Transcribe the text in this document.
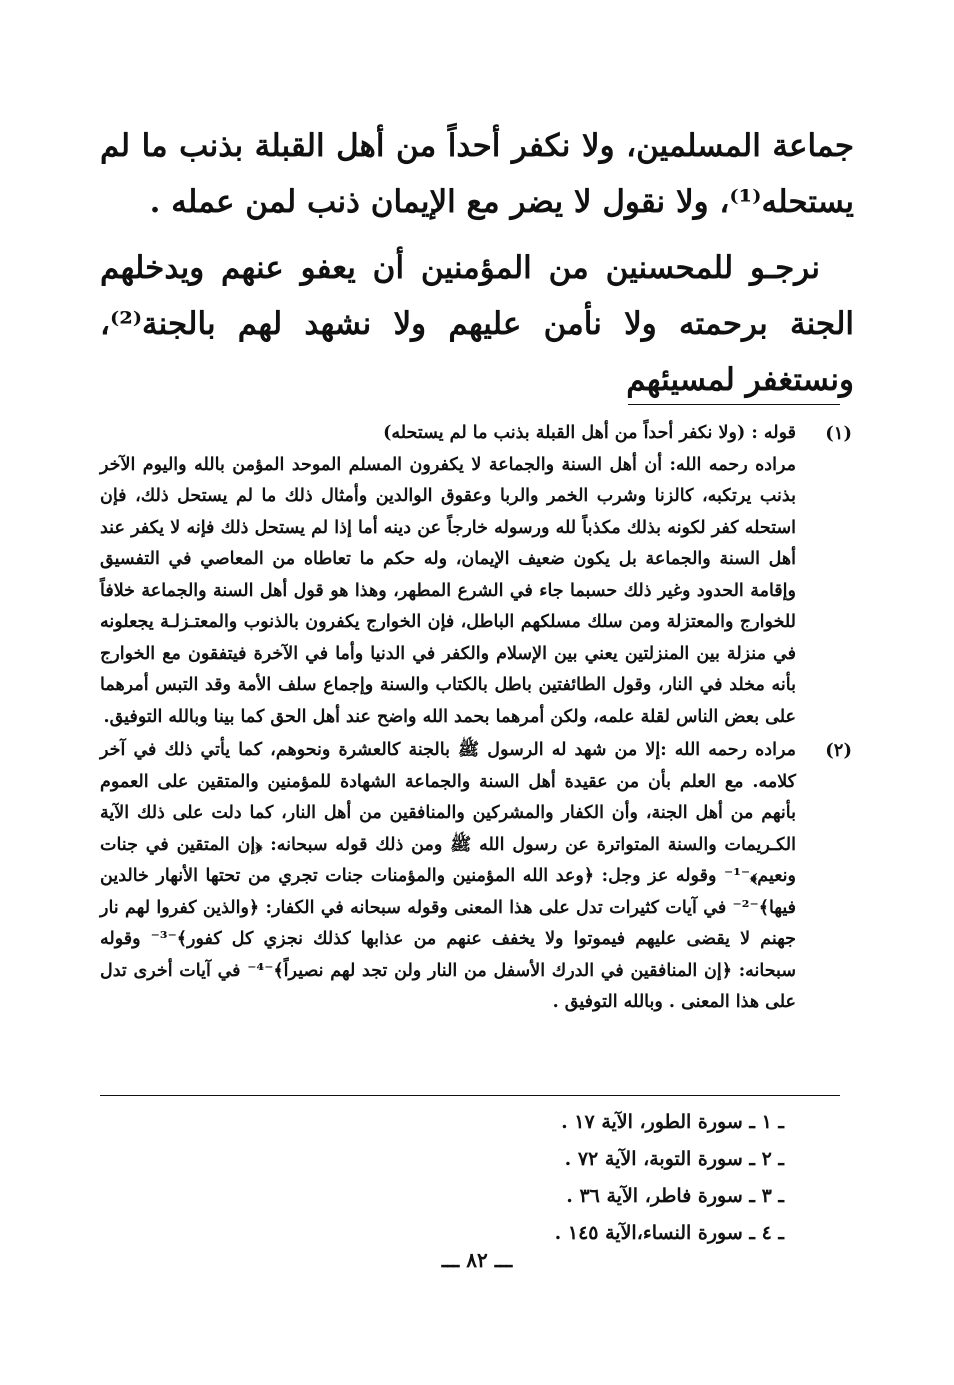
جماعة المسلمين، ولا نكفر أحداً من أهل القبلة بذنب ما لم يستحله⁽¹⁾، ولا نقول لا يضر مع الإيمان ذنب لمن عمله .

نرجـو للمحسنين من المؤمنين أن يعفو عنهم ويدخلهم الجنة برحمته ولا نأمن عليهم ولا نشهد لهم بالجنة⁽²⁾، ونستغفر لمسيئهم

(١)
قوله : (ولا نكفر أحداً من أهل القبلة بذنب ما لم يستحله)

مراده رحمه الله: أن أهل السنة والجماعة لا يكفرون المسلم الموحد المؤمن بالله واليوم الآخر بذنب يرتكبه، كالزنا وشرب الخمر والربا وعقوق الوالدين وأمثال ذلك ما لم يستحل ذلك، فإن استحله كفر لكونه بذلك مكذباً لله ورسوله خارجاً عن دينه أما إذا لم يستحل ذلك فإنه لا يكفر عند أهل السنة والجماعة بل يكون ضعيف الإيمان، وله حكم ما تعاطاه من المعاصي في التفسيق وإقامة الحدود وغير ذلك حسبما جاء في الشرع المطهر، وهذا هو قول أهل السنة والجماعة خلافاً للخوارج والمعتزلة ومن سلك مسلكهم الباطل، فإن الخوارج يكفرون بالذنوب والمعتـزلـة يجعلونه في منزلة بين المنزلتين يعني بين الإسلام والكفر في الدنيا وأما في الآخرة فيتفقون مع الخوارج بأنه مخلد في النار، وقول الطائفتين باطل بالكتاب والسنة وإجماع سلف الأمة وقد التبس أمرهما على بعض الناس لقلة علمه، ولكن أمرهما بحمد الله واضح عند أهل الحق كما بينا وبالله التوفيق.

(٢)

مراده رحمه الله :إلا من شهد له الرسول ﷺ بالجنة كالعشرة ونحوهم، كما يأتي ذلك في آخر كلامه. مع العلم بأن من عقيدة أهل السنة والجماعة الشهادة للمؤمنين والمتقين على العموم بأنهم من أهل الجنة، وأن الكفار والمشركين والمنافقين من أهل النار، كما دلت على ذلك الآية الكـريمات والسنة المتواترة عن رسول الله ﷺ ومن ذلك قوله سبحانه: ﴿إن المتقين في جنات ونعيم﴾⁻¹⁻ وقوله عز وجل: ﴿وعد الله المؤمنين والمؤمنات جنات تجري من تحتها الأنهار خالدين فيها﴾⁻²⁻ في آيات كثيرات تدل على هذا المعنى وقوله سبحانه في الكفار: ﴿والذين كفروا لهم نار جهنم لا يقضى عليهم فيموتوا ولا يخفف عنهم من عذابها كذلك نجزي كل كفور﴾⁻³⁻ وقوله سبحانه: ﴿إن المنافقين في الدرك الأسفل من النار ولن تجد لهم نصيراً﴾⁻⁴⁻ في آيات أخرى تدل على هذا المعنى . وبالله التوفيق .

ـ ١ ـ سورة الطور، الآية ١٧ .
ـ ٢ ـ سورة التوبة، الآية ٧٢ .
ـ ٣ ـ سورة فاطر، الآية ٣٦ .
ـ ٤ ـ سورة النساء،الآية ١٤٥ .
ـــ ٨٢ ـــ
